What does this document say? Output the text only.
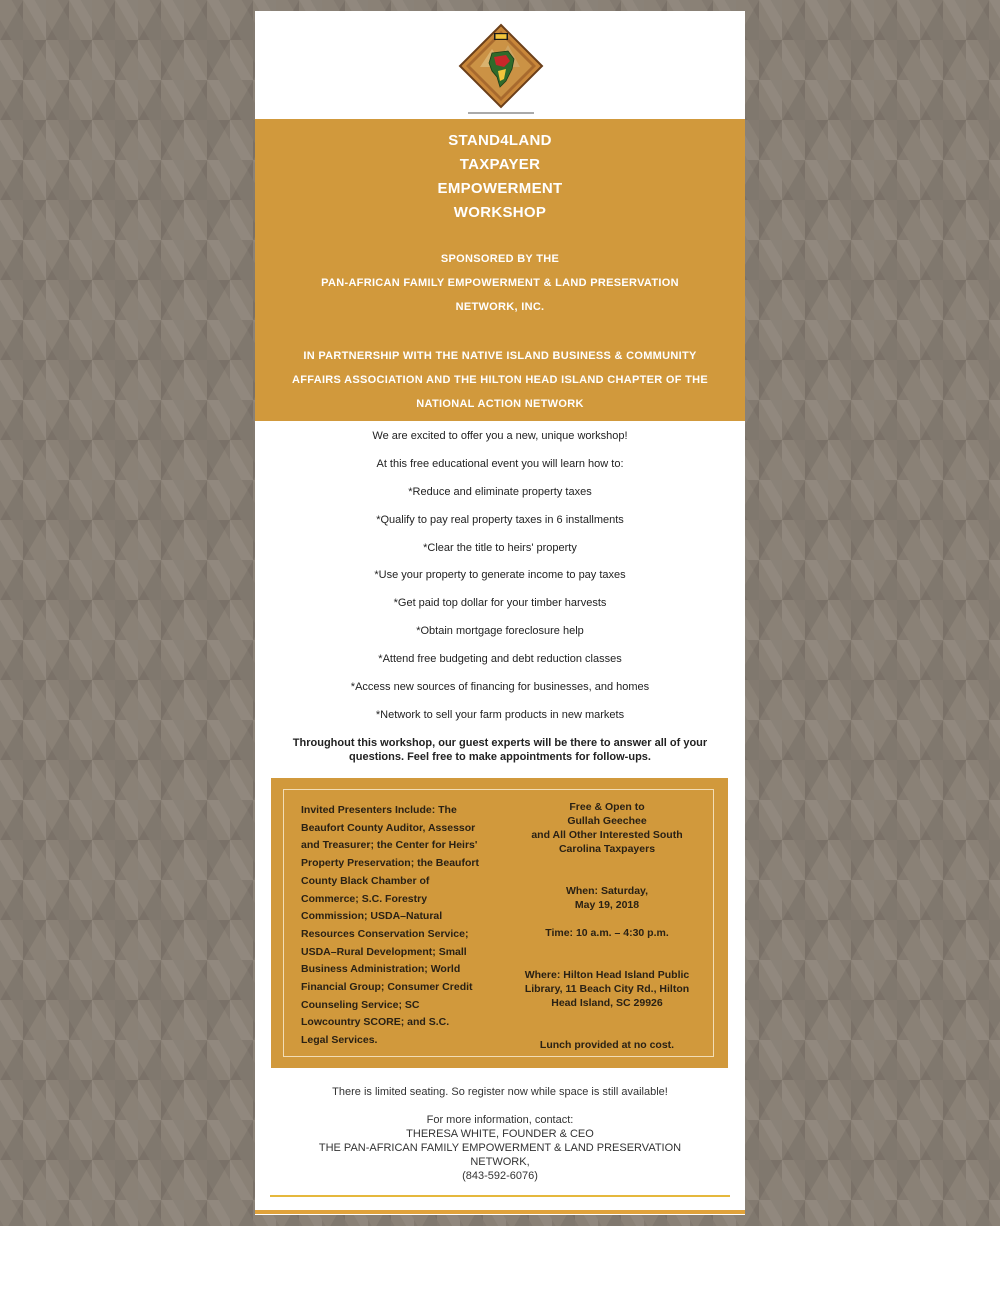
STAND4LAND
TAXPAYER
EMPOWERMENT
WORKSHOP
SPONSORED BY THE
PAN-AFRICAN FAMILY EMPOWERMENT & LAND PRESERVATION
NETWORK, INC.
IN PARTNERSHIP WITH THE NATIVE ISLAND BUSINESS & COMMUNITY
AFFAIRS ASSOCIATION AND THE HILTON HEAD ISLAND CHAPTER OF THE
NATIONAL ACTION NETWORK
We are excited to offer you a new, unique workshop!
At this free educational event you will learn how to:
*Reduce and eliminate property taxes
*Qualify to pay real property taxes in 6 installments
*Clear the title to heirs' property
*Use your property to generate income to pay taxes
*Get paid top dollar for your timber harvests
*Obtain mortgage foreclosure help
*Attend free budgeting and debt reduction classes
*Access new sources of financing for businesses, and homes
*Network to sell your farm products in new markets
Throughout this workshop, our guest experts will be there to answer all of your
questions. Feel free to make appointments for follow-ups.
Invited Presenters Include: The
Beaufort County Auditor, Assessor
and Treasurer; the Center for Heirs'
Property Preservation; the Beaufort
County Black Chamber of
Commerce; S.C. Forestry
Commission; USDA–Natural
Resources Conservation Service;
USDA–Rural Development; Small
Business Administration; World
Financial Group; Consumer Credit
Counseling Service; SC
Lowcountry SCORE; and S.C.
Legal Services.
Free & Open to
Gullah Geechee
and All Other Interested South
Carolina Taxpayers
When: Saturday,
May 19, 2018
Time: 10 a.m. – 4:30 p.m.
Where: Hilton Head Island Public
Library, 11 Beach City Rd., Hilton
Head Island, SC 29926
Lunch provided at no cost.
There is limited seating. So register now while space is still available!
For more information, contact:
THERESA WHITE, FOUNDER & CEO
THE PAN-AFRICAN FAMILY EMPOWERMENT & LAND PRESERVATION
NETWORK,
(843-592-6076)
